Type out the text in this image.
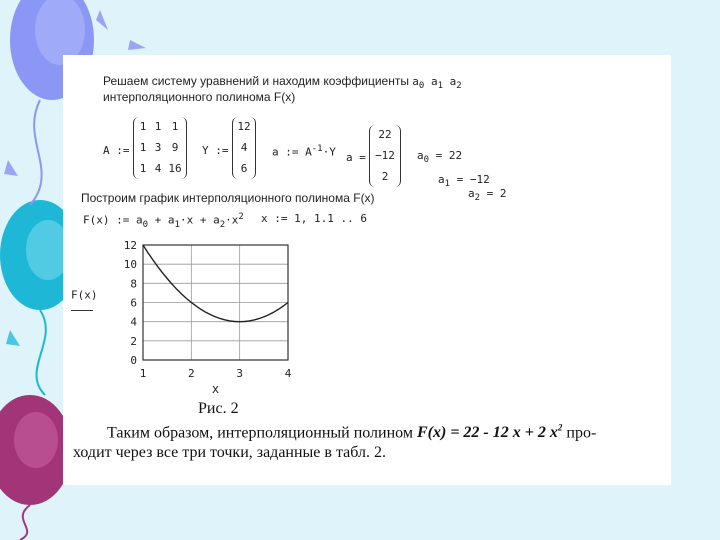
Решаем систему уравнений и находим коэффициенты $a_0$ $a_1$ $a_2$
интерполяционного полинома F(x)
A :=
1 1 1
1 3 9
1 4 16
Y :=
12
4
6
a := $A^{-1}\cdot Y$ a =
22
−12
2
$a_0 = 22$
$a_1 = -12$
$a_2 = 2$
Построим график интерполяционного полинома F(x)
F(x) := $a_0 + a_1\cdot x + a_2\cdot x^2$ x := 1, 1.1 .. 6
0
2
4
6
8
10
12
1	2	3	4
x
F(x)
Рис. 2
Таким образом, интерполяционный полином F(x) = 22 - 12 x + 2 $x^2$ про-
ходит через все три точки, заданные в табл. 2.
